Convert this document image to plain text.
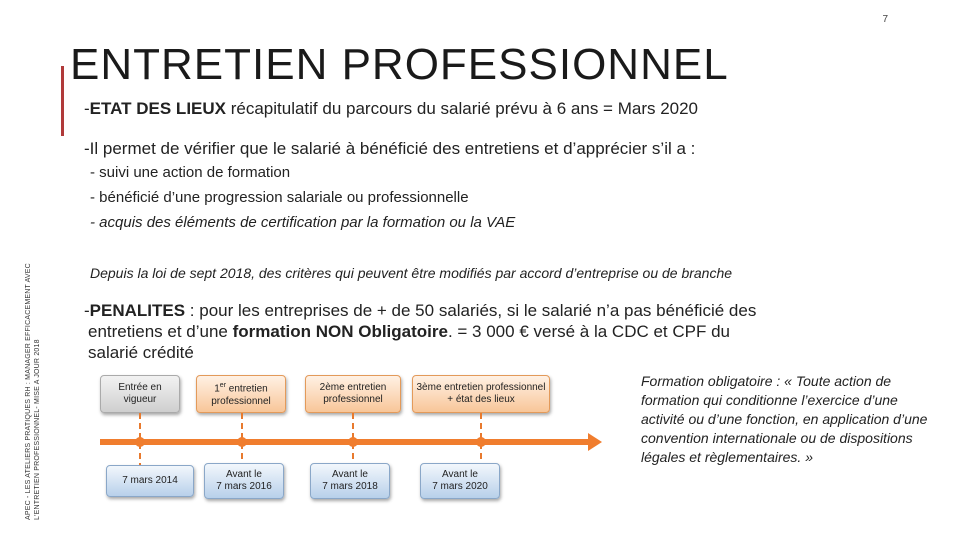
7
ENTRETIEN PROFESSIONNEL
-ETAT DES LIEUX récapitulatif du parcours du salarié prévu à 6 ans = Mars 2020
-Il permet de vérifier que le salarié à bénéficié des entretiens et d’apprécier s’il a :
- suivi une action de formation
- bénéficié d’une progression salariale ou professionnelle
- acquis des éléments de certification par la formation ou la VAE
APEC - LES ATELIERS PRATIQUES RH : MANAGER EFFICACEMENT AVEC L'ENTRETIEN PROFESSIONNEL- MISE A JOUR 2018
Depuis la loi de sept 2018, des critères qui peuvent être modifiés par accord d’entreprise ou de branche
-PENALITES : pour les entreprises de + de 50 salariés, si le salarié n’a pas bénéficié des
entretiens et d’une formation NON Obligatoire. = 3 000 € versé à la CDC et CPF du
salarié crédité
Formation obligatoire : « Toute action de formation qui conditionne l’exercice d’une activité ou d’une fonction, en application d’une convention internationale ou de dispositions légales et règlementaires. »
Entrée en
vigueur
1er entretien
professionnel
2ème entretien
professionnel
3ème entretien professionnel
+ état des lieux
7 mars 2014
Avant le
7 mars 2016
Avant le
7 mars 2018
Avant le
7 mars 2020
